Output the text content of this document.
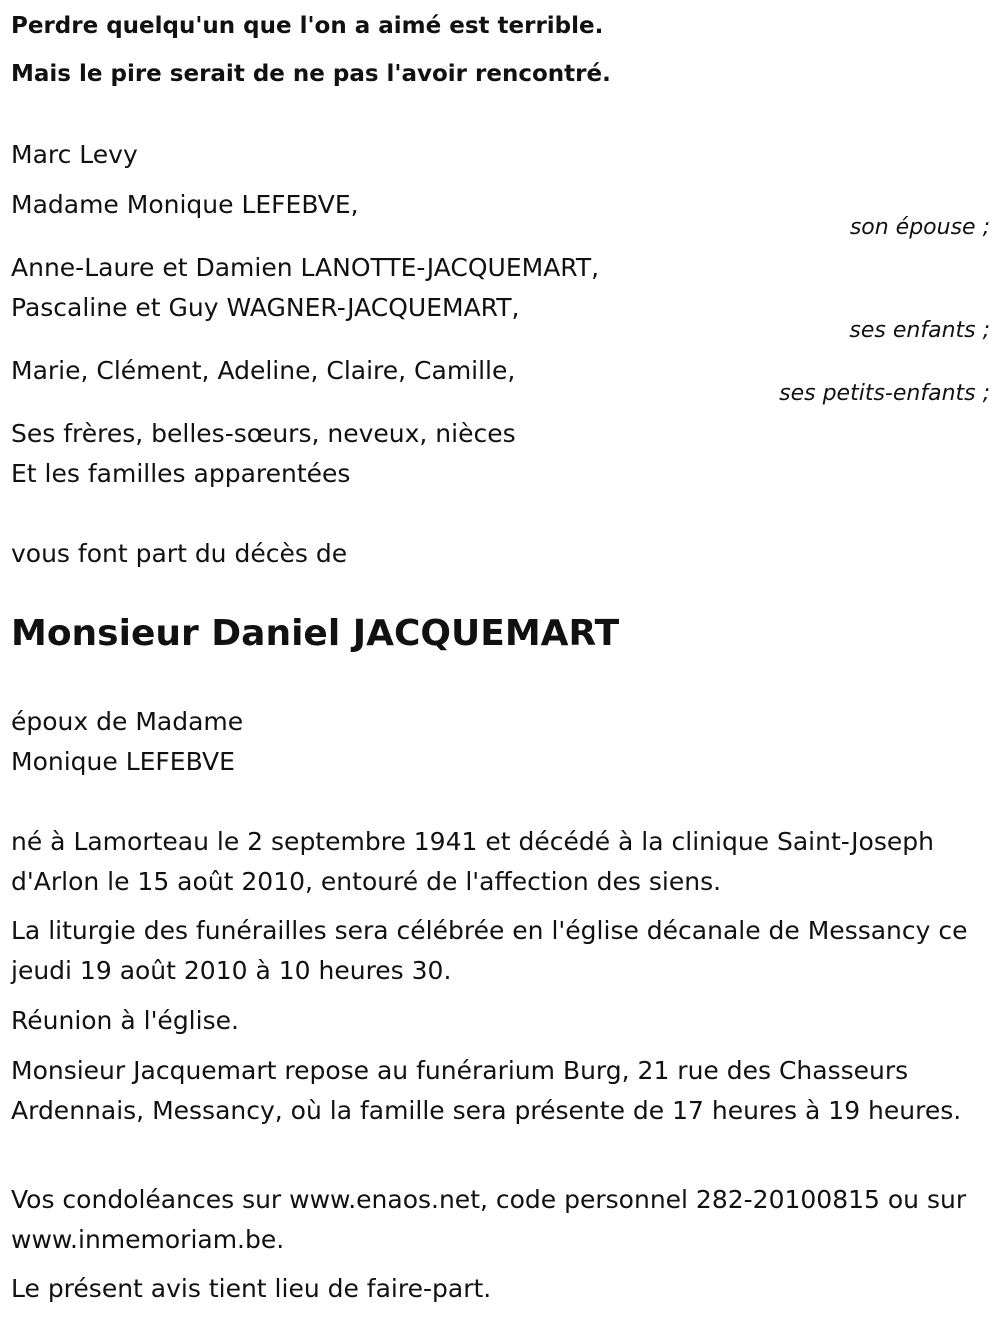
Perdre quelqu'un que l'on a aimé est terrible.
Mais le pire serait de ne pas l'avoir rencontré.
Marc Levy
Madame Monique LEFEBVE,
son épouse ;
Anne-Laure et Damien LANOTTE-JACQUEMART,
Pascaline et Guy WAGNER-JACQUEMART,
ses enfants ;
Marie, Clément, Adeline, Claire, Camille,
ses petits-enfants ;
Ses frères, belles-sœurs, neveux, nièces
Et les familles apparentées
vous font part du décès de
Monsieur Daniel JACQUEMART
époux de Madame
Monique LEFEBVE
né à Lamorteau le 2 septembre 1941 et décédé à la clinique Saint-Joseph d'Arlon le 15 août 2010, entouré de l'affection des siens.
La liturgie des funérailles sera célébrée en l'église décanale de Messancy ce jeudi 19 août 2010 à 10 heures 30.
Réunion à l'église.
Monsieur Jacquemart repose au funérarium Burg, 21 rue des Chasseurs Ardennais, Messancy, où la famille sera présente de 17 heures à 19 heures.
Vos condoléances sur www.enaos.net, code personnel 282-20100815 ou sur www.inmemoriam.be.
Le présent avis tient lieu de faire-part.
